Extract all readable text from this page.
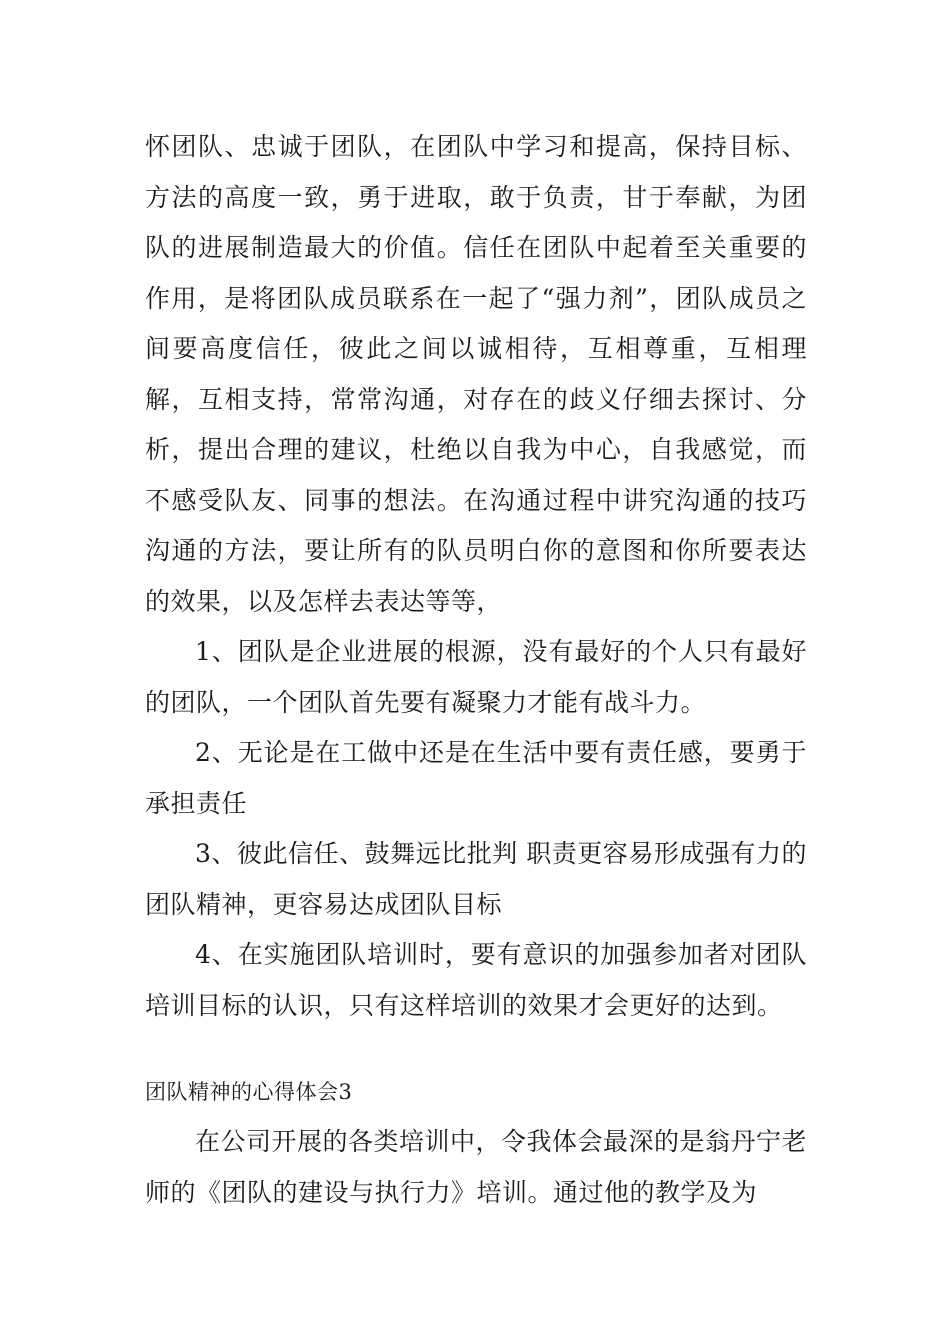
怀团队、忠诚于团队，在团队中学习和提高，保持目标、方法的高度一致，勇于进取，敢于负责，甘于奉献，为团队的进展制造最大的价值。信任在团队中起着至关重要的作用，是将团队成员联系在一起了“强力剂”，团队成员之间要高度信任，彼此之间以诚相待，互相尊重，互相理解，互相支持，常常沟通，对存在的歧义仔细去探讨、分析，提出合理的建议，杜绝以自我为中心，自我感觉，而不感受队友、同事的想法。在沟通过程中讲究沟通的技巧沟通的方法，要让所有的队员明白你的意图和你所要表达的效果，以及怎样去表达等等，

1、团队是企业进展的根源，没有最好的个人只有最好的团队，一个团队首先要有凝聚力才能有战斗力。

2、无论是在工做中还是在生活中要有责任感，要勇于承担责任

3、彼此信任、鼓舞远比批判 职责更容易形成强有力的团队精神，更容易达成团队目标

4、在实施团队培训时，要有意识的加强参加者对团队培训目标的认识，只有这样培训的效果才会更好的达到。

团队精神的心得体会3

在公司开展的各类培训中，令我体会最深的是翁丹宁老师的《团队的建设与执行力》培训。通过他的教学及为
